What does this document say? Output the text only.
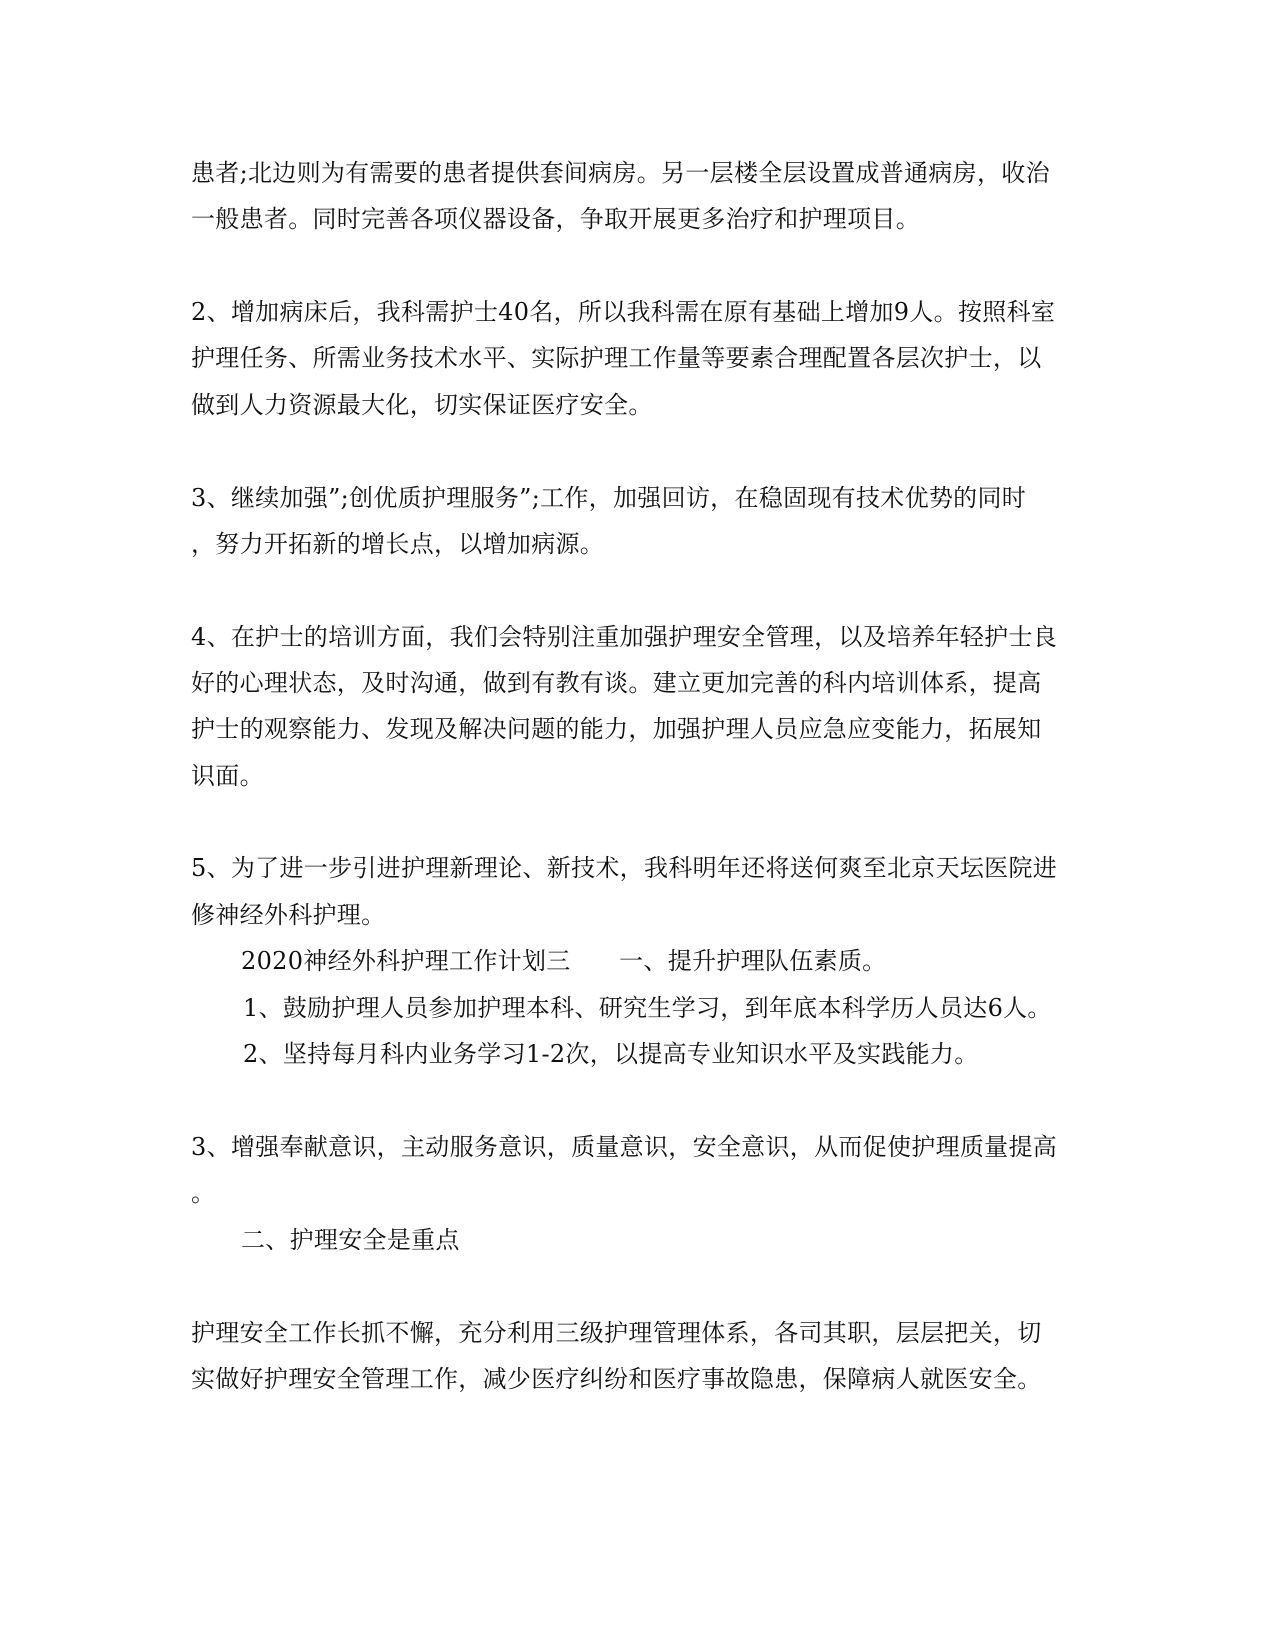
患者;北边则为有需要的患者提供套间病房。另一层楼全层设置成普通病房，收治
一般患者。同时完善各项仪器设备，争取开展更多治疗和护理项目。
2、增加病床后，我科需护士40名，所以我科需在原有基础上增加9人。按照科室
护理任务、所需业务技术水平、实际护理工作量等要素合理配置各层次护士，以
做到人力资源最大化，切实保证医疗安全。
3、继续加强”;创优质护理服务”;工作，加强回访，在稳固现有技术优势的同时
，努力开拓新的增长点，以增加病源。
4、在护士的培训方面，我们会特别注重加强护理安全管理，以及培养年轻护士良
好的心理状态，及时沟通，做到有教有谈。建立更加完善的科内培训体系，提高
护士的观察能力、发现及解决问题的能力，加强护理人员应急应变能力，拓展知
识面。
5、为了进一步引进护理新理论、新技术，我科明年还将送何爽至北京天坛医院进
修神经外科护理。
2020神经外科护理工作计划三　　一、提升护理队伍素质。
1、鼓励护理人员参加护理本科、研究生学习，到年底本科学历人员达6人。
2、坚持每月科内业务学习1-2次，以提高专业知识水平及实践能力。
3、增强奉献意识，主动服务意识，质量意识，安全意识，从而促使护理质量提高
。
二、护理安全是重点
护理安全工作长抓不懈，充分利用三级护理管理体系，各司其职，层层把关，切
实做好护理安全管理工作，减少医疗纠纷和医疗事故隐患，保障病人就医安全。
